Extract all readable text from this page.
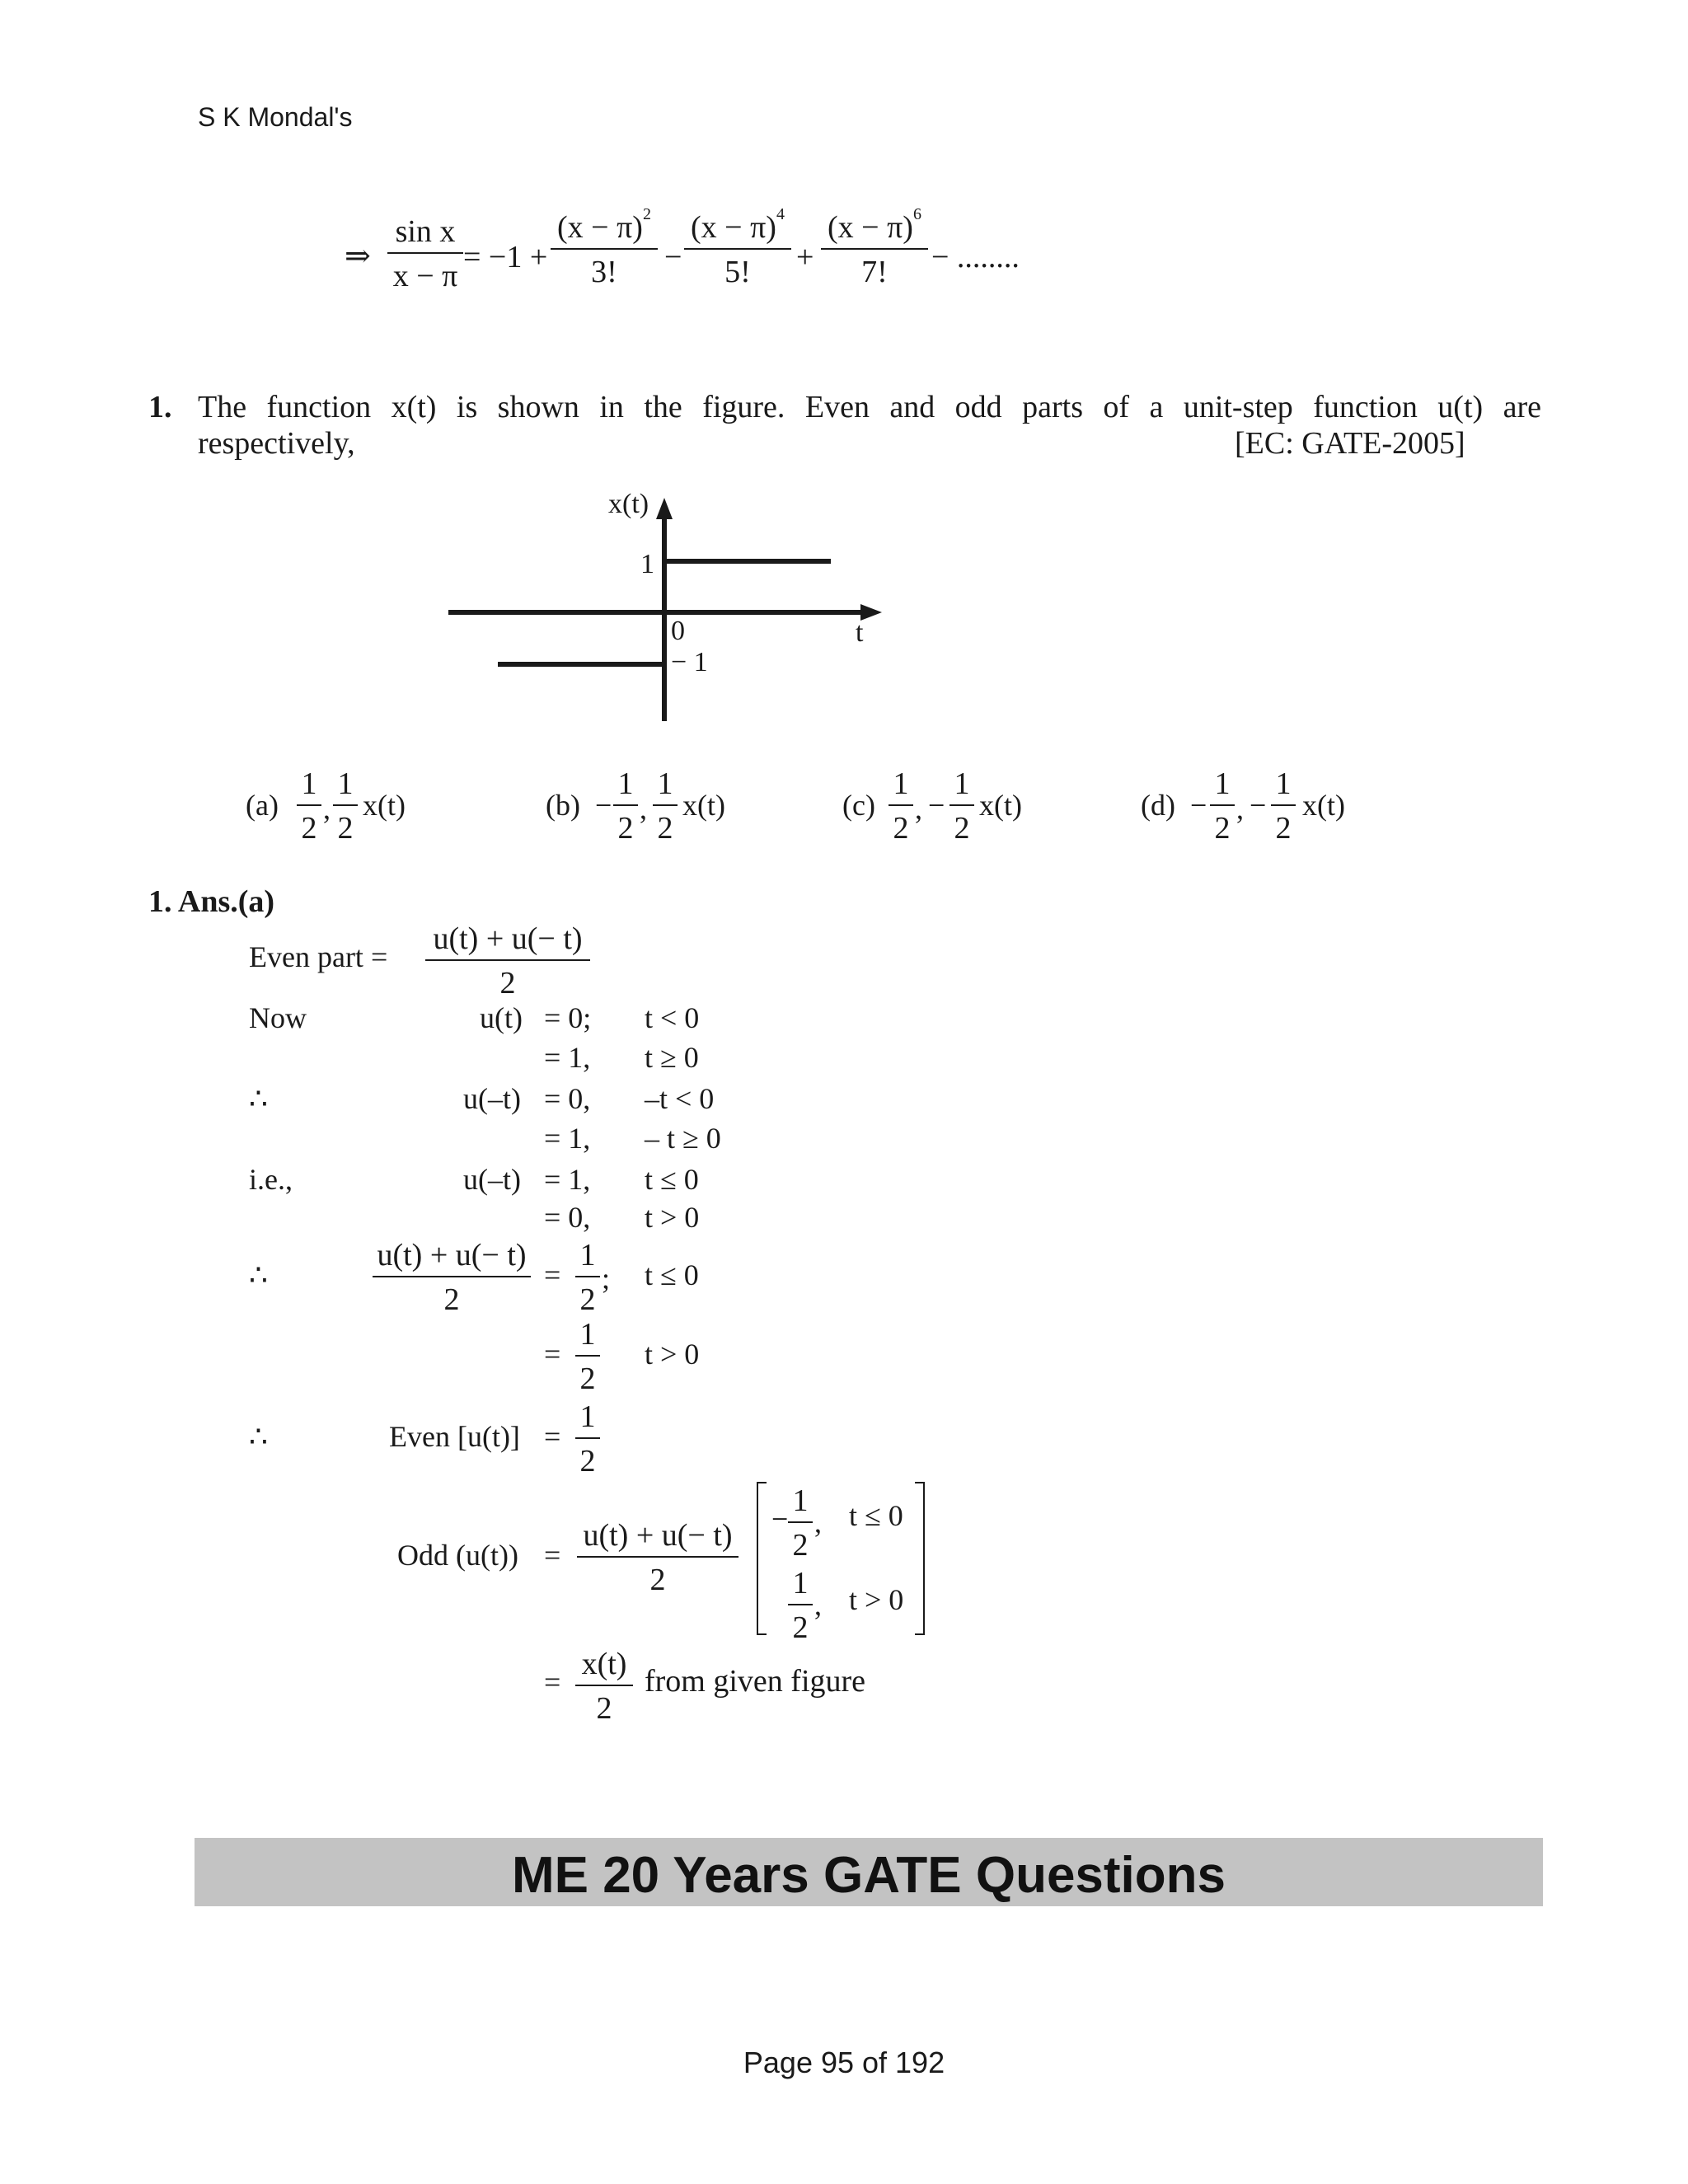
S K Mondal's
⇒ $\frac{\text{sin x}}{x - \pi} = -1 + \frac{(x - \pi)^2}{3!} - \frac{(x - \pi)^4}{5!} + \frac{(x - \pi)^6}{7!}$ − ........
1. The function x(t) is shown in the figure. Even and odd parts of a unit-step function u(t) are
respectively,	[EC: GATE-2005]
x(t)
1
0
− 1
t
$(a) \frac{1}{2}$ , $\frac{1}{2} x(t)$	$(b) - \frac{1}{2}$ , $\frac{1}{2} x(t)$	$(c) \frac{1}{2}$ , − $\frac{1}{2} x(t)$	$(d) - \frac{1}{2}$ , − $\frac{1}{2} x(t)$
1. Ans.(a)
Even part = $\frac{u(t) + u(- t)}{2}$
Now	u(t) = 0; t < 0
= 1, t ≥ 0
∴	u(–t) = 0, –t < 0
= 1, – t ≥ 0
i.e.,	u(–t) = 1, t ≤ 0
= 0, t > 0
∴	$\frac{u(t) + u(- t)}{2} = \frac{1}{2}$ ; t ≤ 0
= $\frac{1}{2}$ t > 0
∴	Even $[u(t)] = \frac{1}{2}$
Odd $(u(t)) = \frac{u(t) + u(- t)}{2}$
− $\frac{1}{2}$ , t ≤ 0
$\frac{1}{2}$ , t > 0
= $\frac{x(t)}{2}$ from given figure
ME 20 Years GATE Questions
Page 95 of 192
